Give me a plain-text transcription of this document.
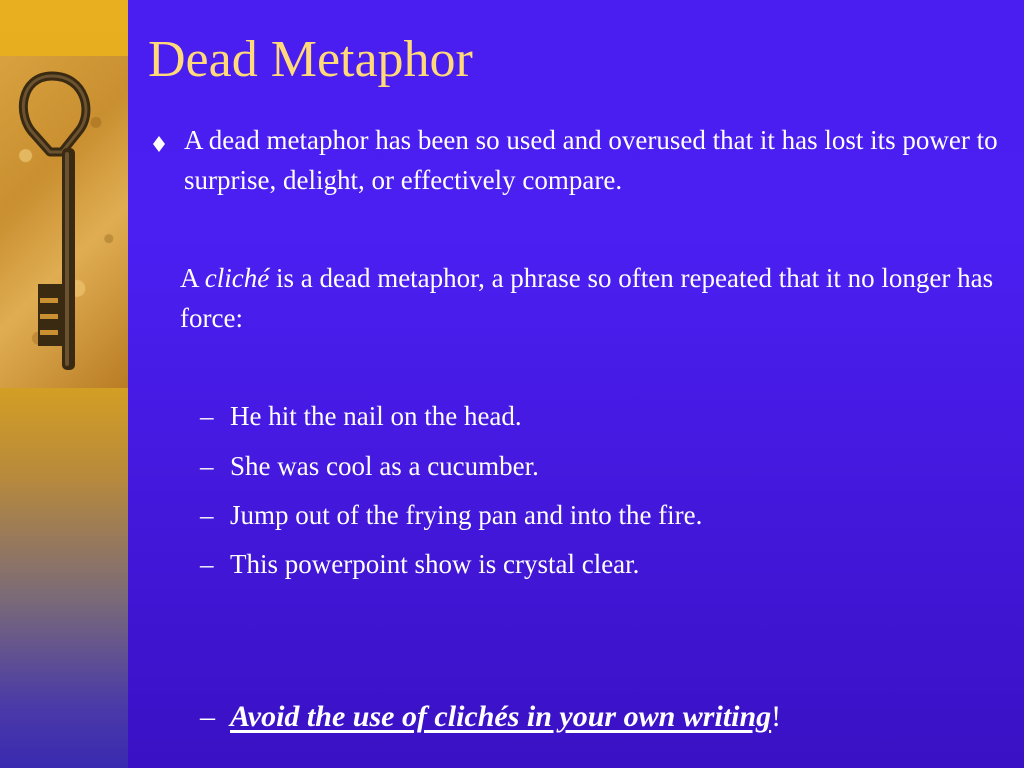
Dead Metaphor

A dead metaphor has been so used and overused that it has lost its power to surprise, delight, or effectively compare.

A cliché is a dead metaphor, a phrase so often repeated that it no longer has force:

– He hit the nail on the head.
– She was cool as a cucumber.
– Jump out of the frying pan and into the fire.
– This powerpoint show is crystal clear.
– Avoid the use of clichés in your own writing!
